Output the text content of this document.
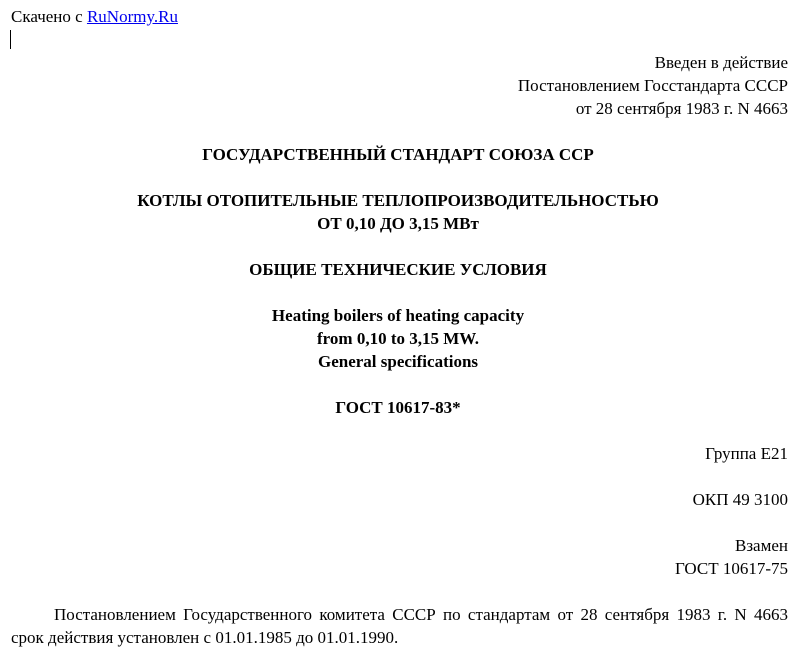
Скачено с RuNormy.Ru
Введен в действие
Постановлением Госстандарта СССР
от 28 сентября 1983 г. N 4663
ГОСУДАРСТВЕННЫЙ СТАНДАРТ СОЮЗА ССР
КОТЛЫ ОТОПИТЕЛЬНЫЕ ТЕПЛОПРОИЗВОДИТЕЛЬНОСТЬЮ
ОТ 0,10 ДО 3,15 МВт
ОБЩИЕ ТЕХНИЧЕСКИЕ УСЛОВИЯ
Heating boilers of heating capacity
from 0,10 to 3,15 MW.
General specifications
ГОСТ 10617-83*
Группа Е21
ОКП 49 3100
Взамен
ГОСТ 10617-75
Постановлением Государственного комитета СССР по стандартам от 28 сентября 1983 г. N 4663 срок действия установлен с 01.01.1985 до 01.01.1990.
